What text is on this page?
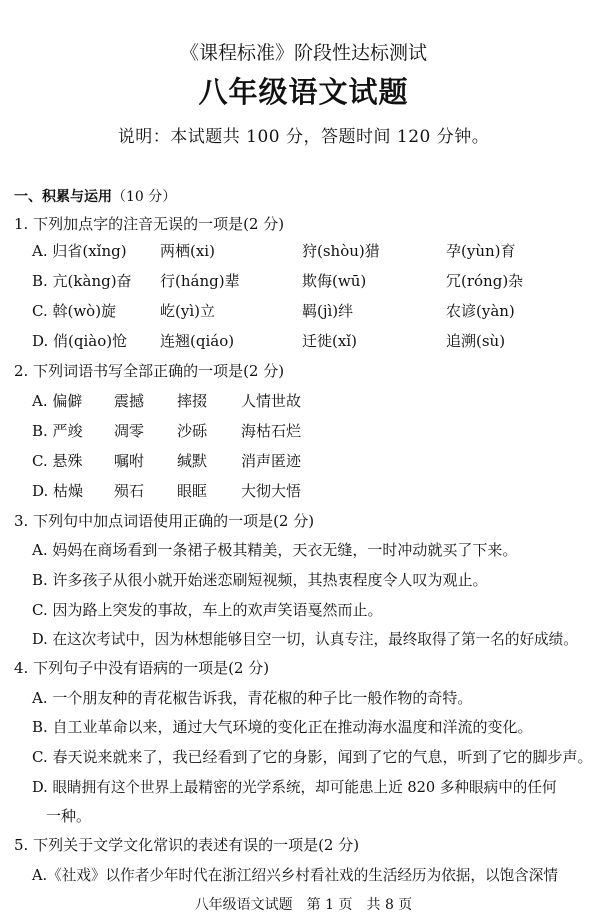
《课程标准》阶段性达标测试
八年级语文试题
说明：本试题共 100 分，答题时间 120 分钟。
一、积累与运用（10 分）
1. 下列加点字的注音无误的一项是(2 分)
A. 归省(xǐng) 两栖(xi)	狩(shòu)猎	孕(yùn)育
B. 亢(kàng)奋 行(háng)辈	欺侮(wū)	冗(róng)杂
C. 斡(wò)旋	屹(yì)立	羁(jì)绊	农谚(yàn)
D. 俏(qiào)怆 连翘(qiáo)	迁徙(xǐ)	追溯(sù)
2. 下列词语书写全部正确的一项是(2 分)
A. 偏僻 震撼 摔掇 人情世故
B. 严竣 凋零 沙砾 海枯石烂
C. 悬殊 嘱咐 缄默 消声匿迹
D. 枯燥 殒石 眼眶 大彻大悟
3. 下列句中加点词语使用正确的一项是(2 分)
A. 妈妈在商场看到一条裙子极其精美，天衣无缝，一时冲动就买了下来。
B. 许多孩子从很小就开始迷恋刷短视频，其热衷程度令人叹为观止。
C. 因为路上突发的事故，车上的欢声笑语戛然而止。
D. 在这次考试中，因为林想能够目空一切，认真专注，最终取得了第一名的好成绩。
4. 下列句子中没有语病的一项是(2 分)
A. 一个朋友种的青花椒告诉我，青花椒的种子比一般作物的奇特。
B. 自工业革命以来，通过大气环境的变化正在推动海水温度和洋流的变化。
C. 春天说来就来了，我已经看到了它的身影，闻到了它的气息，听到了它的脚步声。
D. 眼睛拥有这个世界上最精密的光学系统，却可能患上近 820 多种眼病中的任何
一种。
5. 下列关于文学文化常识的表述有误的一项是(2 分)
A.《社戏》以作者少年时代在浙江绍兴乡村看社戏的生活经历为依据，以饱含深情
八年级语文试题　第 1 页　共 8 页
